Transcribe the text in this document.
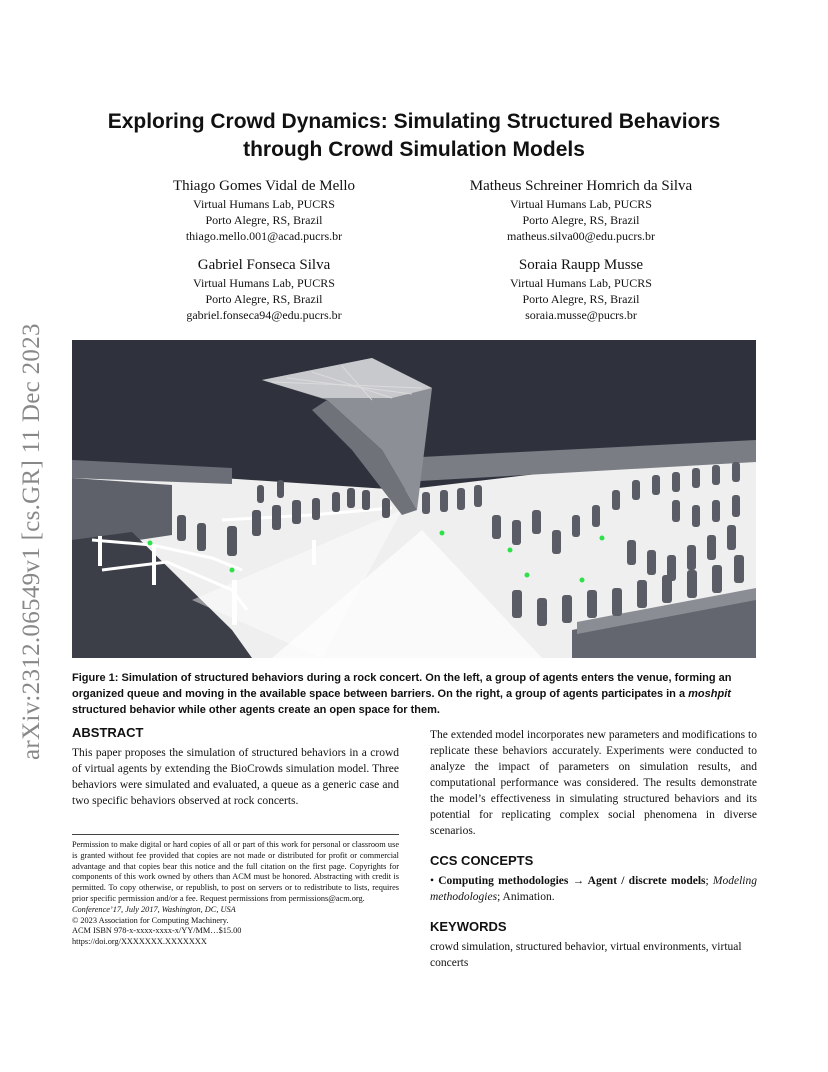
arXiv:2312.06549v1 [cs.GR] 11 Dec 2023
Exploring Crowd Dynamics: Simulating Structured Behaviors
through Crowd Simulation Models
Thiago Gomes Vidal de Mello
Virtual Humans Lab, PUCRS
Porto Alegre, RS, Brazil
thiago.mello.001@acad.pucrs.br
Matheus Schreiner Homrich da Silva
Virtual Humans Lab, PUCRS
Porto Alegre, RS, Brazil
matheus.silva00@edu.pucrs.br
Gabriel Fonseca Silva
Virtual Humans Lab, PUCRS
Porto Alegre, RS, Brazil
gabriel.fonseca94@edu.pucrs.br
Soraia Raupp Musse
Virtual Humans Lab, PUCRS
Porto Alegre, RS, Brazil
soraia.musse@pucrs.br
Figure 1: Simulation of structured behaviors during a rock concert. On the left, a group of agents enters the venue, forming an organized queue and moving in the available space between barriers. On the right, a group of agents participates in a moshpit structured behavior while other agents create an open space for them.
ABSTRACT

This paper proposes the simulation of structured behaviors in a crowd of virtual agents by extending the BioCrowds simulation model. Three behaviors were simulated and evaluated, a queue as a generic case and two specific behaviors observed at rock concerts.

The extended model incorporates new parameters and modifications to replicate these behaviors accurately. Experiments were conducted to analyze the impact of parameters on simulation results, and computational performance was considered. The results demonstrate the model’s effectiveness in simulating structured behaviors and its potential for replicating complex social phenomena in diverse scenarios.

CCS CONCEPTS

• Computing methodologies → Agent / discrete models; Modeling methodologies; Animation.

KEYWORDS

crowd simulation, structured behavior, virtual environments, virtual concerts

Permission to make digital or hard copies of all or part of this work for personal or classroom use is granted without fee provided that copies are not made or distributed for profit or commercial advantage and that copies bear this notice and the full citation on the first page. Copyrights for components of this work owned by others than ACM must be honored. Abstracting with credit is permitted. To copy otherwise, or republish, to post on servers or to redistribute to lists, requires prior specific permission and/or a fee. Request permissions from permissions@acm.org.
Conference’17, July 2017, Washington, DC, USA
© 2023 Association for Computing Machinery.
ACM ISBN 978-x-xxxx-xxxx-x/YY/MM…$15.00
https://doi.org/XXXXXXX.XXXXXXX
